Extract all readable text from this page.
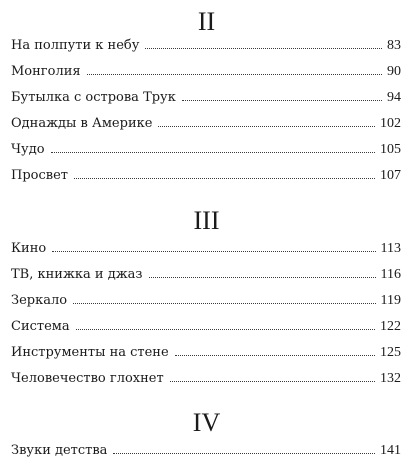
II
На полпути к небу	83
Монголия	90
Бутылка с острова Трук	94
Однажды в Америке	102
Чудо	105
Просвет	107
III
Кино	113
ТВ, книжка и джаз	116
Зеркало	119
Система	122
Инструменты на стене	125
Человечество глохнет	132
IV
Звуки детства	141
